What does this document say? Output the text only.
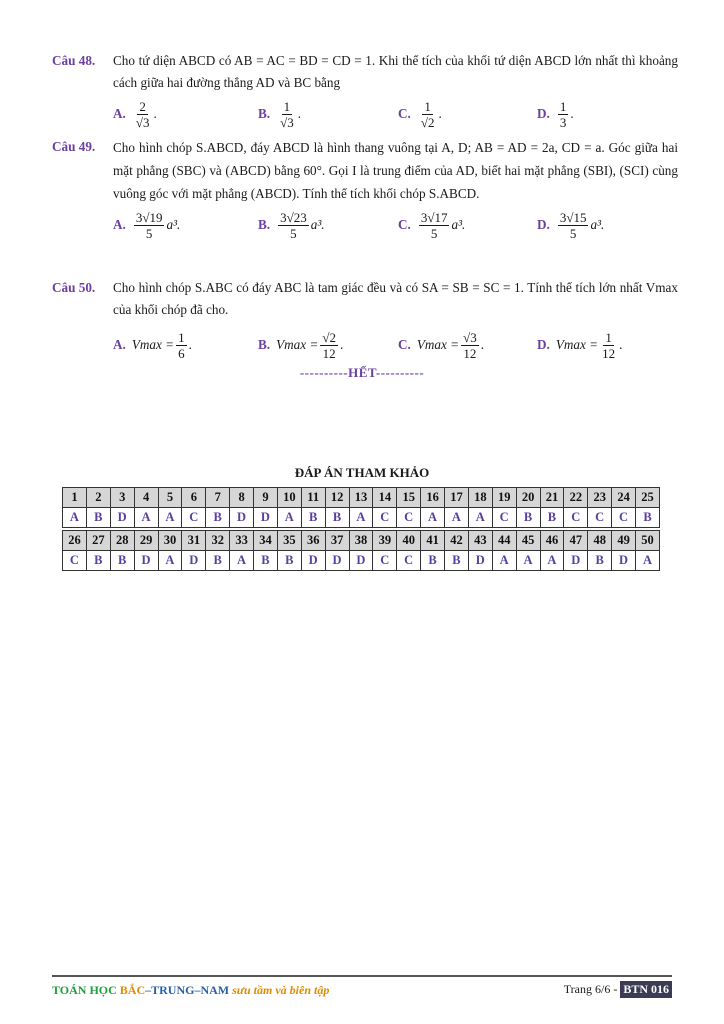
Câu 48. Cho tứ diện ABCD có AB = AC = BD = CD = 1. Khi thể tích của khối tứ diện ABCD lớn nhất thì khoảng cách giữa hai đường thẳng AD và BC bằng
A. $\frac{2}{√3}$ .	B. $\frac{1}{√3}$ .	C. $\frac{1}{√2}$ .	D. $\frac{1}{3}$ .
Câu 49. Cho hình chóp S.ABCD, đáy ABCD là hình thang vuông tại A, D; AB = AD = 2a, CD = a. Góc giữa hai mặt phẳng (SBC) và (ABCD) bằng 60°. Gọi I là trung điểm của AD, biết hai mặt phẳng (SBI), (SCI) cùng vuông góc với mặt phẳng (ABCD). Tính thể tích khối chóp S.ABCD.
A. $\frac{3√19}{5} a^3$.	B. $\frac{3√23}{5} a^3$.	C. $\frac{3√17}{5} a^3$.	D. $\frac{3√15}{5} a^3$.
Câu 50. Cho hình chóp S.ABC có đáy ABC là tam giác đều và có SA = SB = SC = 1. Tính thể tích lớn nhất Vmax của khối chóp đã cho.
A. $Vmax = \frac{1}{6}$ .	B. $Vmax = \frac{√2}{12}$ .	C. $Vmax = \frac{√3}{12}$ .	D. $Vmax = \frac{1}{12}$ .
----------HẾT----------
ĐÁP ÁN THAM KHẢO
1	2	3	4	5	6	7	8	9	10	11	12	13	14	15	16	17	18	19	20	21	22	23	24	25
A	B	D	A	A	C	B	D	D	A	B	B	A	C	C	A	A	A	C	B	B	C	C	C	B
26	27	28	29	30	31	32	33	34	35	36	37	38	39	40	41	42	43	44	45	46	47	48	49	50
C	B	B	D	A	D	B	A	B	B	D	D	D	C	C	B	B	D	A	A	A	D	B	D	A
TOÁN HỌC BẮC–TRUNG–NAM sưu tầm và biên tập	Trang 6/6 - BTN 016
